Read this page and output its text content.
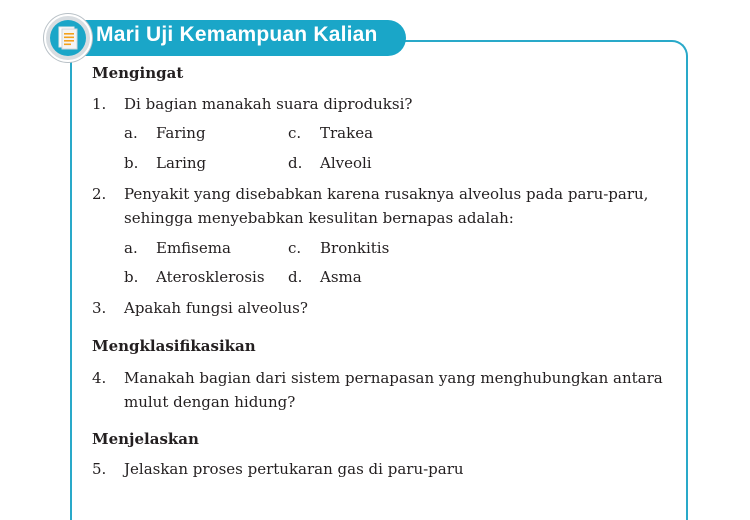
Mari Uji Kemampuan Kalian
Mengingat
1.	Di bagian manakah suara diproduksi?
a. Faring	c. Trakea
b. Laring	d. Alveoli
2.	Penyakit yang disebabkan karena rusaknya alveolus pada paru-paru, sehingga menyebabkan kesulitan bernapas adalah:
a. Emfisema	c. Bronkitis
b. Aterosklerosis d. Asma
3.	Apakah fungsi alveolus?
Mengklasifikasikan
4.	Manakah bagian dari sistem pernapasan yang menghubungkan antara mulut dengan hidung?
Menjelaskan
5.	Jelaskan proses pertukaran gas di paru-paru
